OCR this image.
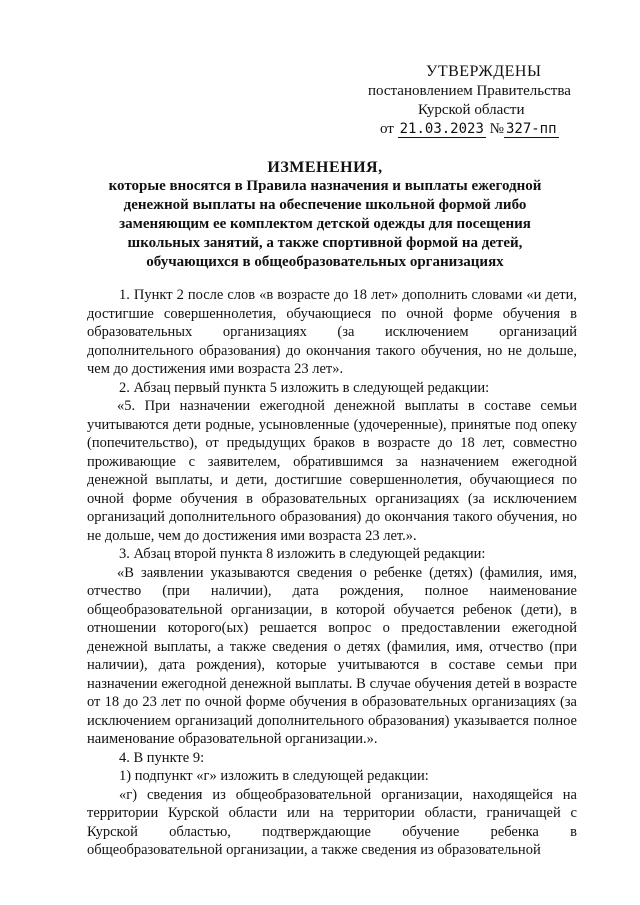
УТВЕРЖДЕНЫ
постановлением Правительства
Курской области
от 21.03.2023 № 327-пп
ИЗМЕНЕНИЯ,
которые вносятся в Правила назначения и выплаты ежегодной
денежной выплаты на обеспечение школьной формой либо
заменяющим ее комплектом детской одежды для посещения
школьных занятий, а также спортивной формой на детей,
обучающихся в общеобразовательных организациях

1. Пункт 2 после слов «в возрасте до 18 лет» дополнить словами «и дети, достигшие совершеннолетия, обучающиеся по очной форме обучения в образовательных организациях (за исключением организаций дополнительного образования) до окончания такого обучения, но не дольше, чем до достижения ими возраста 23 лет».

2. Абзац первый пункта 5 изложить в следующей редакции:

«5. При назначении ежегодной денежной выплаты в составе семьи учитываются дети родные, усыновленные (удочеренные), принятые под опеку (попечительство), от предыдущих браков в возрасте до 18 лет, совместно проживающие с заявителем, обратившимся за назначением ежегодной денежной выплаты, и дети, достигшие совершеннолетия, обучающиеся по очной форме обучения в образовательных организациях (за исключением организаций дополнительного образования) до окончания такого обучения, но не дольше, чем до достижения ими возраста 23 лет.».

3. Абзац второй пункта 8 изложить в следующей редакции:

«В заявлении указываются сведения о ребенке (детях) (фамилия, имя, отчество (при наличии), дата рождения, полное наименование общеобразовательной организации, в которой обучается ребенок (дети), в отношении которого(ых) решается вопрос о предоставлении ежегодной денежной выплаты, а также сведения о детях (фамилия, имя, отчество (при наличии), дата рождения), которые учитываются в составе семьи при назначении ежегодной денежной выплаты. В случае обучения детей в возрасте от 18 до 23 лет по очной форме обучения в образовательных организациях (за исключением организаций дополнительного образования) указывается полное наименование образовательной организации.».

4. В пункте 9:

1) подпункт «г» изложить в следующей редакции:

«г) сведения из общеобразовательной организации, находящейся на территории Курской области или на территории области, граничащей с Курской областью, подтверждающие обучение ребенка в общеобразовательной организации, а также сведения из образовательной
